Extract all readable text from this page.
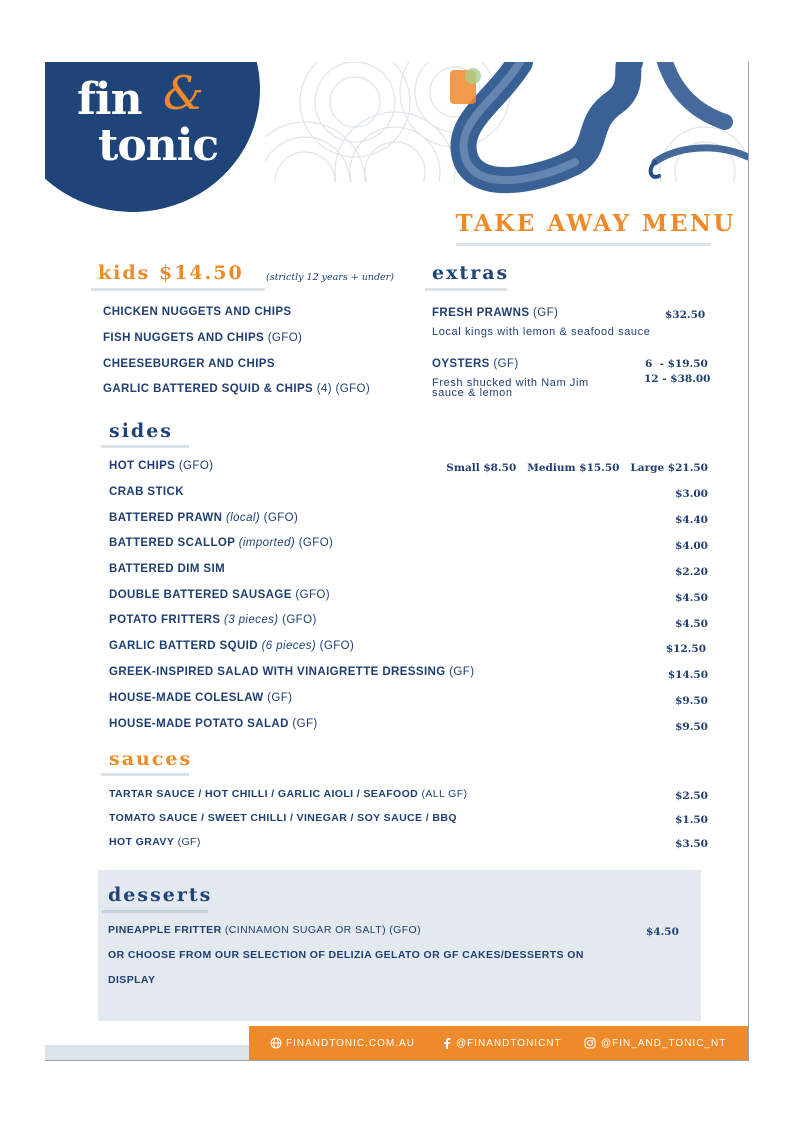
fin &
tonic
TAKE AWAY MENU
kids $14.50 (strictly 12 years + under)
CHICKEN NUGGETS AND CHIPS
FISH NUGGETS AND CHIPS (GFO)
CHEESEBURGER AND CHIPS
GARLIC BATTERED SQUID & CHIPS (4) (GFO)
extras
FRESH PRAWNS (GF)	$32.50
Local kings with lemon & seafood sauce
OYSTERS (GF)	6  - $19.50
12 - $38.00
Fresh shucked with Nam Jim sauce & lemon
sides
HOT CHIPS (GFO)	Small $8.50   Medium $15.50   Large $21.50
CRAB STICK	$3.00
BATTERED PRAWN (local) (GFO)	$4.40
BATTERED SCALLOP (imported) (GFO)	$4.00
BATTERED DIM SIM	$2.20
DOUBLE BATTERED SAUSAGE (GFO)	$4.50
POTATO FRITTERS (3 pieces) (GFO)	$4.50
GARLIC BATTERD SQUID (6 pieces) (GFO)	$12.50
GREEK-INSPIRED SALAD WITH VINAIGRETTE DRESSING (GF)	$14.50
HOUSE-MADE COLESLAW (GF)	$9.50
HOUSE-MADE POTATO SALAD (GF)	$9.50
sauces
TARTAR SAUCE / HOT CHILLI / GARLIC AIOLI / SEAFOOD (ALL GF)	$2.50
TOMATO SAUCE / SWEET CHILLI / VINEGAR / SOY SAUCE / BBQ	$1.50
HOT GRAVY (GF)	$3.50
desserts
PINEAPPLE FRITTER (CINNAMON SUGAR OR SALT) (GFO)	$4.50
OR CHOOSE FROM OUR SELECTION OF DELIZIA GELATO OR GF CAKES/DESSERTS ON
DISPLAY
FINANDTONIC.COM.AU	@FINANDTONICNT	@FIN_AND_TONIC_NT
